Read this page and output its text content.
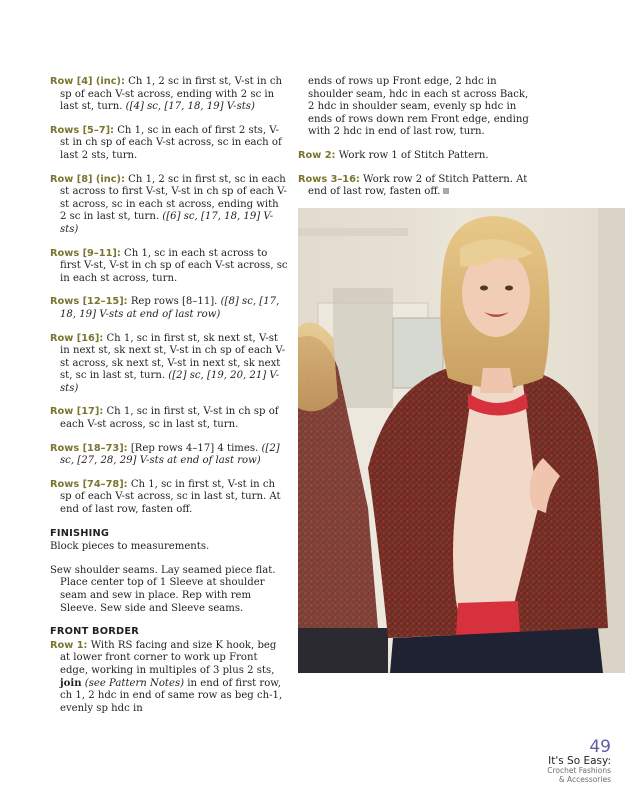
Row [4] (inc): Ch 1, 2 sc in first st, V-st in ch sp of each V-st across, ending with 2 sc in last st, turn. ([4] sc, [17, 18, 19] V-sts)

Rows [5–7]: Ch 1, sc in each of first 2 sts, V-st in ch sp of each V-st across, sc in each of last 2 sts, turn.

Row [8] (inc): Ch 1, 2 sc in first st, sc in each st across to first V-st, V-st in ch sp of each V-st across, sc in each st across, ending with 2 sc in last st, turn. ([6] sc, [17, 18, 19] V-sts)

Rows [9–11]: Ch 1, sc in each st across to first V-st, V-st in ch sp of each V-st across, sc in each st across, turn.

Rows [12–15]: Rep rows [8–11]. ([8] sc, [17, 18, 19] V-sts at end of last row)

Row [16]: Ch 1, sc in first st, sk next st, V-st in next st, sk next st, V-st in ch sp of each V-st across, sk next st, V-st in next st, sk next st, sc in last st, turn. ([2] sc, [19, 20, 21] V-sts)

Row [17]: Ch 1, sc in first st, V-st in ch sp of each V-st across, sc in last st, turn.

Rows [18–73]: [Rep rows 4–17] 4 times. ([2] sc, [27, 28, 29] V-sts at end of last row)

Rows [74–78]: Ch 1, sc in first st, V-st in ch sp of each V-st across, sc in last st, turn. At end of last row, fasten off.

FINISHING

Block pieces to measurements.

Sew shoulder seams. Lay seamed piece flat. Place center top of 1 Sleeve at shoulder seam and sew in place. Rep with rem Sleeve. Sew side and Sleeve seams.

FRONT BORDER

Row 1: With RS facing and size K hook, beg at lower front corner to work up Front edge, working in multiples of 3 plus 2 sts, join (see Pattern Notes) in end of first row, ch 1, 2 hdc in end of same row as beg ch-1, evenly sp hdc in

ends of rows up Front edge, 2 hdc in shoulder seam, hdc in each st across Back, 2 hdc in shoulder seam, evenly sp hdc in ends of rows down rem Front edge, ending with 2 hdc in end of last row, turn.

Row 2: Work row 1 of Stitch Pattern.

Rows 3–16: Work row 2 of Stitch Pattern. At end of last row, fasten off.

49
It's So Easy:
Crochet Fashions
& Accessories
